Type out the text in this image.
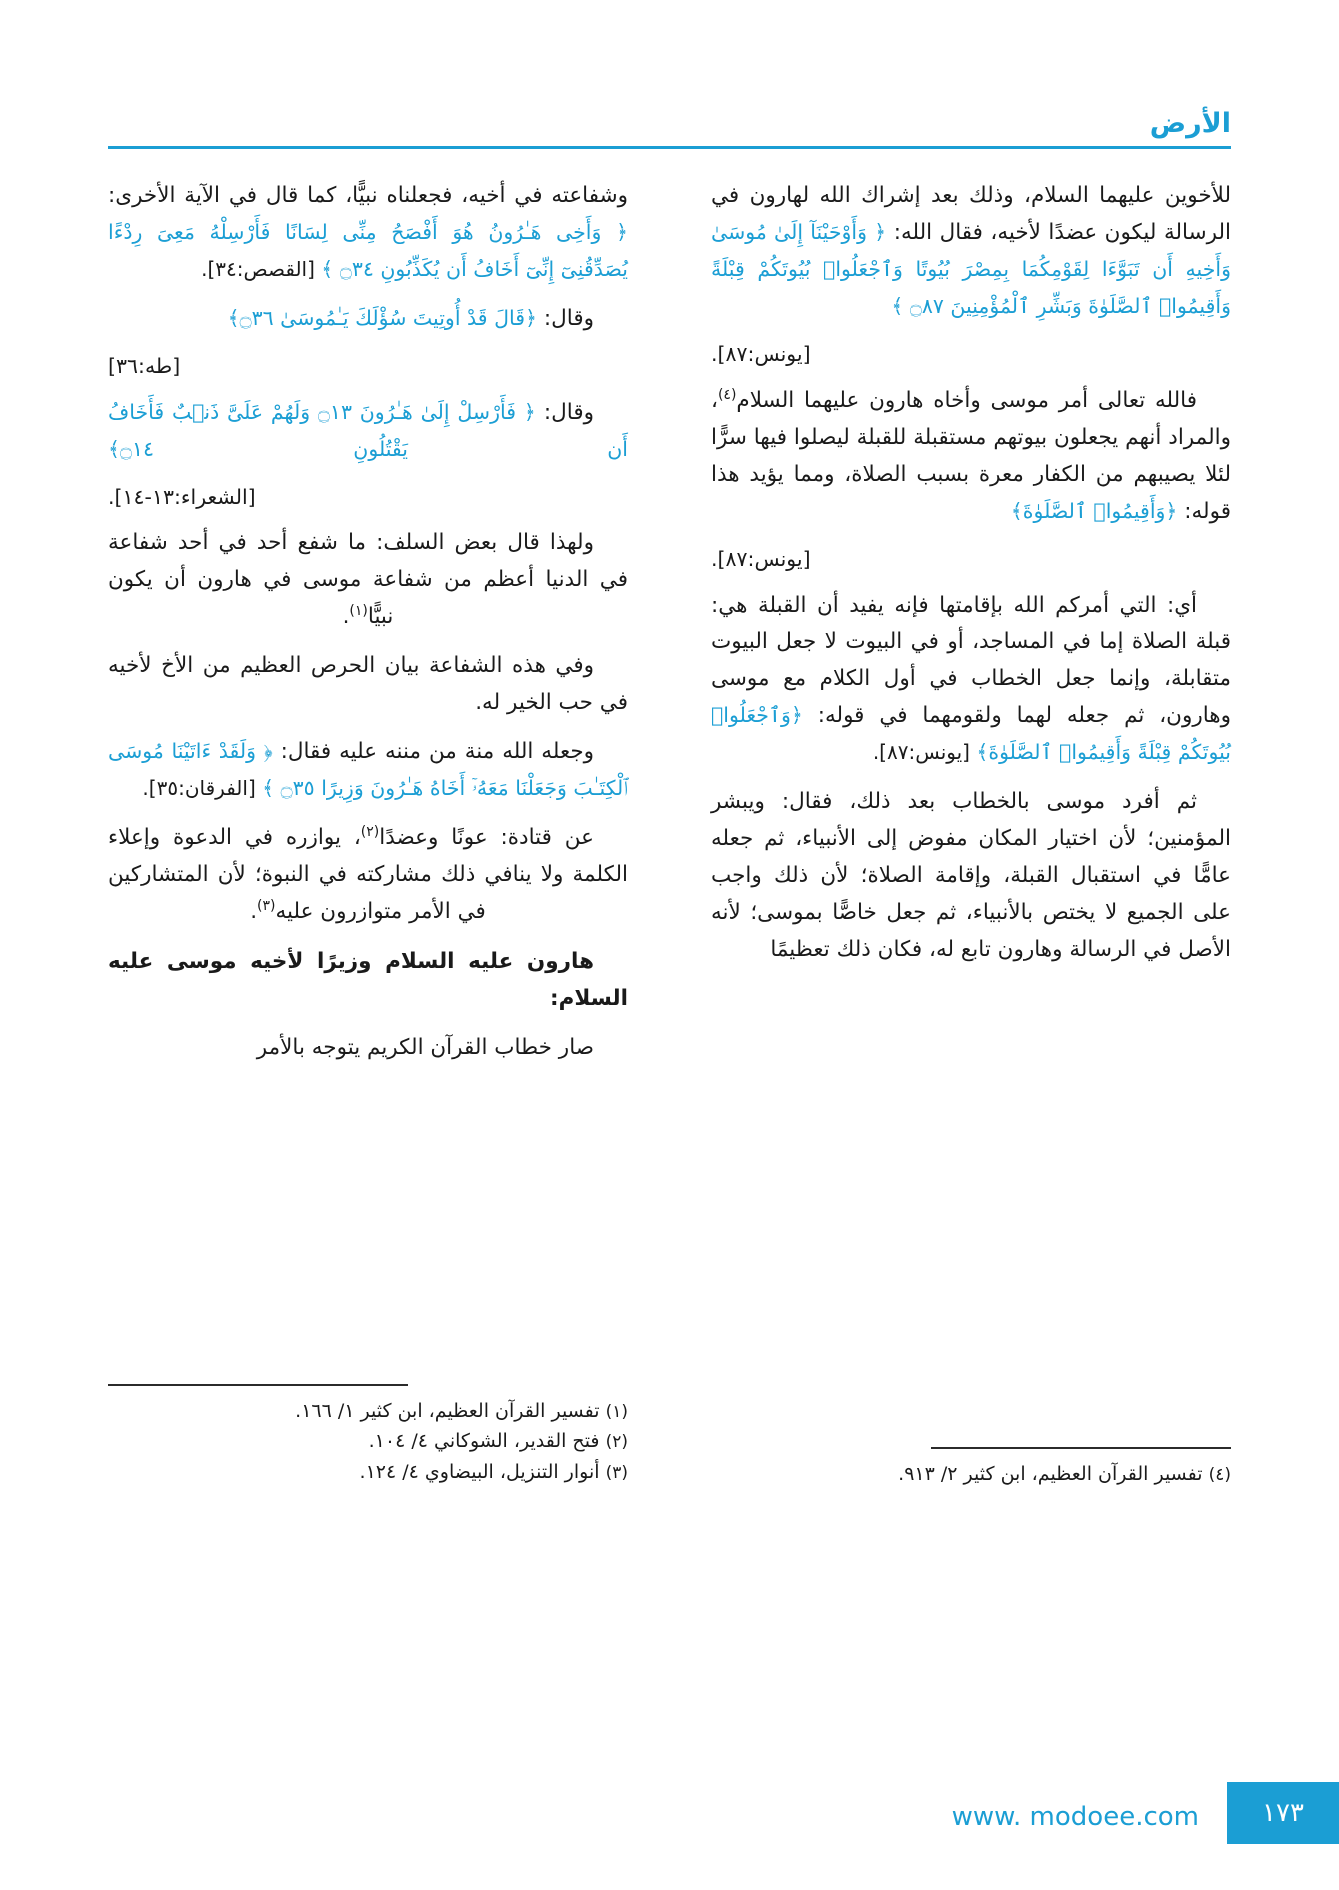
الأرض

للأخوين عليهما السلام، وذلك بعد إشراك الله لهارون في الرسالة ليكون عضدًا لأخيه، فقال الله: ﴿ وَأَوْحَيْنَآ إِلَىٰ مُوسَىٰ وَأَخِيهِ أَن تَبَوَّءَا لِقَوْمِكُمَا بِمِصْرَ بُيُوتًا وَٱجْعَلُوا۟ بُيُوتَكُمْ قِبْلَةً وَأَقِيمُوا۟ ٱلصَّلَوٰةَ وَبَشِّرِ ٱلْمُؤْمِنِينَ ۝٨٧ ﴾

[يونس:٨٧].

فالله تعالى أمر موسى وأخاه هارون عليهما السلام$^{(٤)}$، والمراد أنهم يجعلون بيوتهم مستقبلة للقبلة ليصلوا فيها سرًّا لئلا يصيبهم من الكفار معرة بسبب الصلاة، ومما يؤيد هذا قوله: ﴿وَأَقِيمُوا۟ ٱلصَّلَوٰةَ﴾

[يونس:٨٧].

أي: التي أمركم الله بإقامتها فإنه يفيد أن القبلة هي: قبلة الصلاة إما في المساجد، أو في البيوت لا جعل البيوت متقابلة، وإنما جعل الخطاب في أول الكلام مع موسى وهارون، ثم جعله لهما ولقومهما في قوله: ﴿وَٱجْعَلُوا۟ بُيُوتَكُمْ قِبْلَةً وَأَقِيمُوا۟ ٱلصَّلَوٰةَ﴾ [يونس:٨٧].

ثم أفرد موسى بالخطاب بعد ذلك، فقال: ويبشر المؤمنين؛ لأن اختيار المكان مفوض إلى الأنبياء، ثم جعله عامًّا في استقبال القبلة، وإقامة الصلاة؛ لأن ذلك واجب على الجميع لا يختص بالأنبياء، ثم جعل خاصًّا بموسى؛ لأنه الأصل في الرسالة وهارون تابع له، فكان ذلك تعظيمًا

وشفاعته في أخيه، فجعلناه نبيًّا، كما قال في الآية الأخرى: ﴿ وَأَخِى هَـٰرُونُ هُوَ أَفْصَحُ مِنِّى لِسَانًا فَأَرْسِلْهُ مَعِىَ رِدْءًا يُصَدِّقُنِىٓ إِنِّىٓ أَخَافُ أَن يُكَذِّبُونِ ۝٣٤ ﴾ [القصص:٣٤].

وقال: ﴿قَالَ قَدْ أُوتِيتَ سُؤْلَكَ يَـٰمُوسَىٰ ۝٣٦﴾

[طه:٣٦]

وقال: ﴿ فَأَرْسِلْ إِلَىٰ هَـٰرُونَ ۝١٣ وَلَهُمْ عَلَىَّ ذَنۢبٌ فَأَخَافُ أَن يَقْتُلُونِ ۝١٤﴾

[الشعراء:١٣-١٤].

ولهذا قال بعض السلف: ما شفع أحد في أحد شفاعة في الدنيا أعظم من شفاعة موسى في هارون أن يكون نبيًّا$^{(١)}$.

وفي هذه الشفاعة بيان الحرص العظيم من الأخ لأخيه في حب الخير له.

وجعله الله منة من مننه عليه فقال: ﴿ وَلَقَدْ ءَاتَيْنَا مُوسَى ٱلْكِتَـٰبَ وَجَعَلْنَا مَعَهُۥٓ أَخَاهُ هَـٰرُونَ وَزِيرًا ۝٣٥ ﴾ [الفرقان:٣٥].

عن قتادة: عونًا وعضدًا$^{(٢)}$، يوازره في الدعوة وإعلاء الكلمة ولا ينافي ذلك مشاركته في النبوة؛ لأن المتشاركين في الأمر متوازرون عليه$^{(٣)}$.

هارون عليه السلام وزيرًا لأخيه موسى عليه السلام:

صار خطاب القرآن الكريم يتوجه بالأمر

(٤) تفسير القرآن العظيم، ابن كثير ٢/ ٩١٣.

(١) تفسير القرآن العظيم، ابن كثير ١/ ١٦٦.

(٢) فتح القدير، الشوكاني ٤/ ١٠٤.

(٣) أنوار التنزيل، البيضاوي ٤/ ١٢٤.

١٧٣
www. modoee.com
